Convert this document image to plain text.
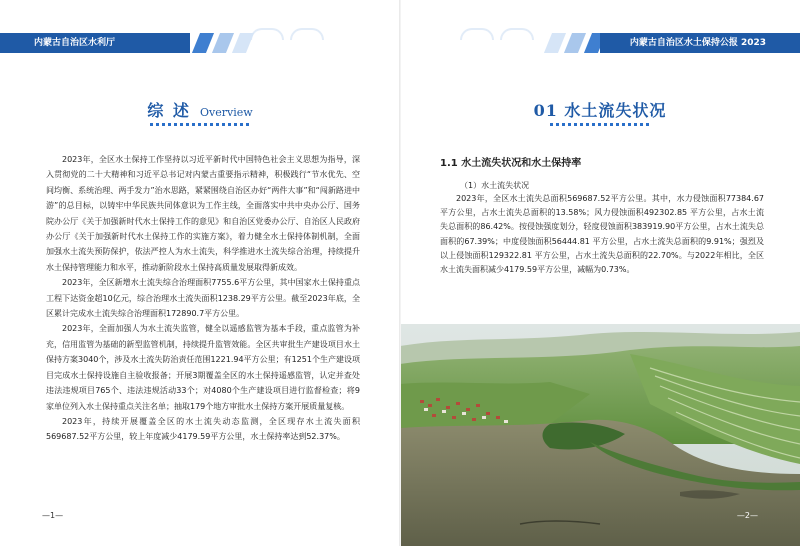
内蒙古自治区水利厅
综 述 Overview

2023年，全区水土保持工作坚持以习近平新时代中国特色社会主义思想为指导，深入贯彻党的二十大精神和习近平总书记对内蒙古重要指示精神，积极践行“节水优先、空间均衡、系统治理、两手发力”治水思路，紧紧围绕自治区办好“两件大事”和“闯新路进中游”的总目标，以铸牢中华民族共同体意识为工作主线，全面落实中共中央办公厅、国务院办公厅《关于加强新时代水土保持工作的意见》和自治区党委办公厅、自治区人民政府办公厅《关于加强新时代水土保持工作的实施方案》，着力健全水土保持体制机制，全面加强水土流失预防保护，依法严控人为水土流失，科学推进水土流失综合治理，持续提升水土保持管理能力和水平，推动新阶段水土保持高质量发展取得新成效。

2023年，全区新增水土流失综合治理面积7755.6平方公里，其中国家水土保持重点工程下达资金超10亿元，综合治理水土流失面积1238.29平方公里。截至2023年底，全区累计完成水土流失综合治理面积172890.7平方公里。

2023年，全面加强人为水土流失监管，健全以遥感监管为基本手段，重点监管为补充，信用监管为基础的新型监管机制，持续提升监管效能。全区共审批生产建设项目水土保持方案3040个，涉及水土流失防治责任范围1221.94平方公里；有1251个生产建设项目完成水土保持设施自主验收报备；开展3期覆盖全区的水土保持遥感监管，认定并查处违法违规项目765个、违法违规活动33个；对4080个生产建设项目进行监督检查；将9家单位列入水土保持重点关注名单；抽取179个地方审批水土保持方案开展质量复核。

2023年，持续开展覆盖全区的水土流失动态监测，全区现存水土流失面积569687.52平方公里，较上年度减少4179.59平方公里，水土保持率达到52.37%。

—1—
内蒙古自治区水土保持公报 2023
01 水土流失状况
1.1 水土流失状况和水土保持率
（1）水土流失状况

2023年，全区水土流失总面积569687.52平方公里。其中，水力侵蚀面积77384.67平方公里，占水土流失总面积的13.58%；风力侵蚀面积492302.85 平方公里，占水土流失总面积的86.42%。按侵蚀强度划分，轻度侵蚀面积383919.90平方公里，占水土流失总面积的67.39%；中度侵蚀面积56444.81 平方公里，占水土流失总面积的9.91%；强烈及以上侵蚀面积129322.81 平方公里，占水土流失总面积的22.70%。与2022年相比，全区水土流失面积减少4179.59平方公里，减幅为0.73%。

—2—
